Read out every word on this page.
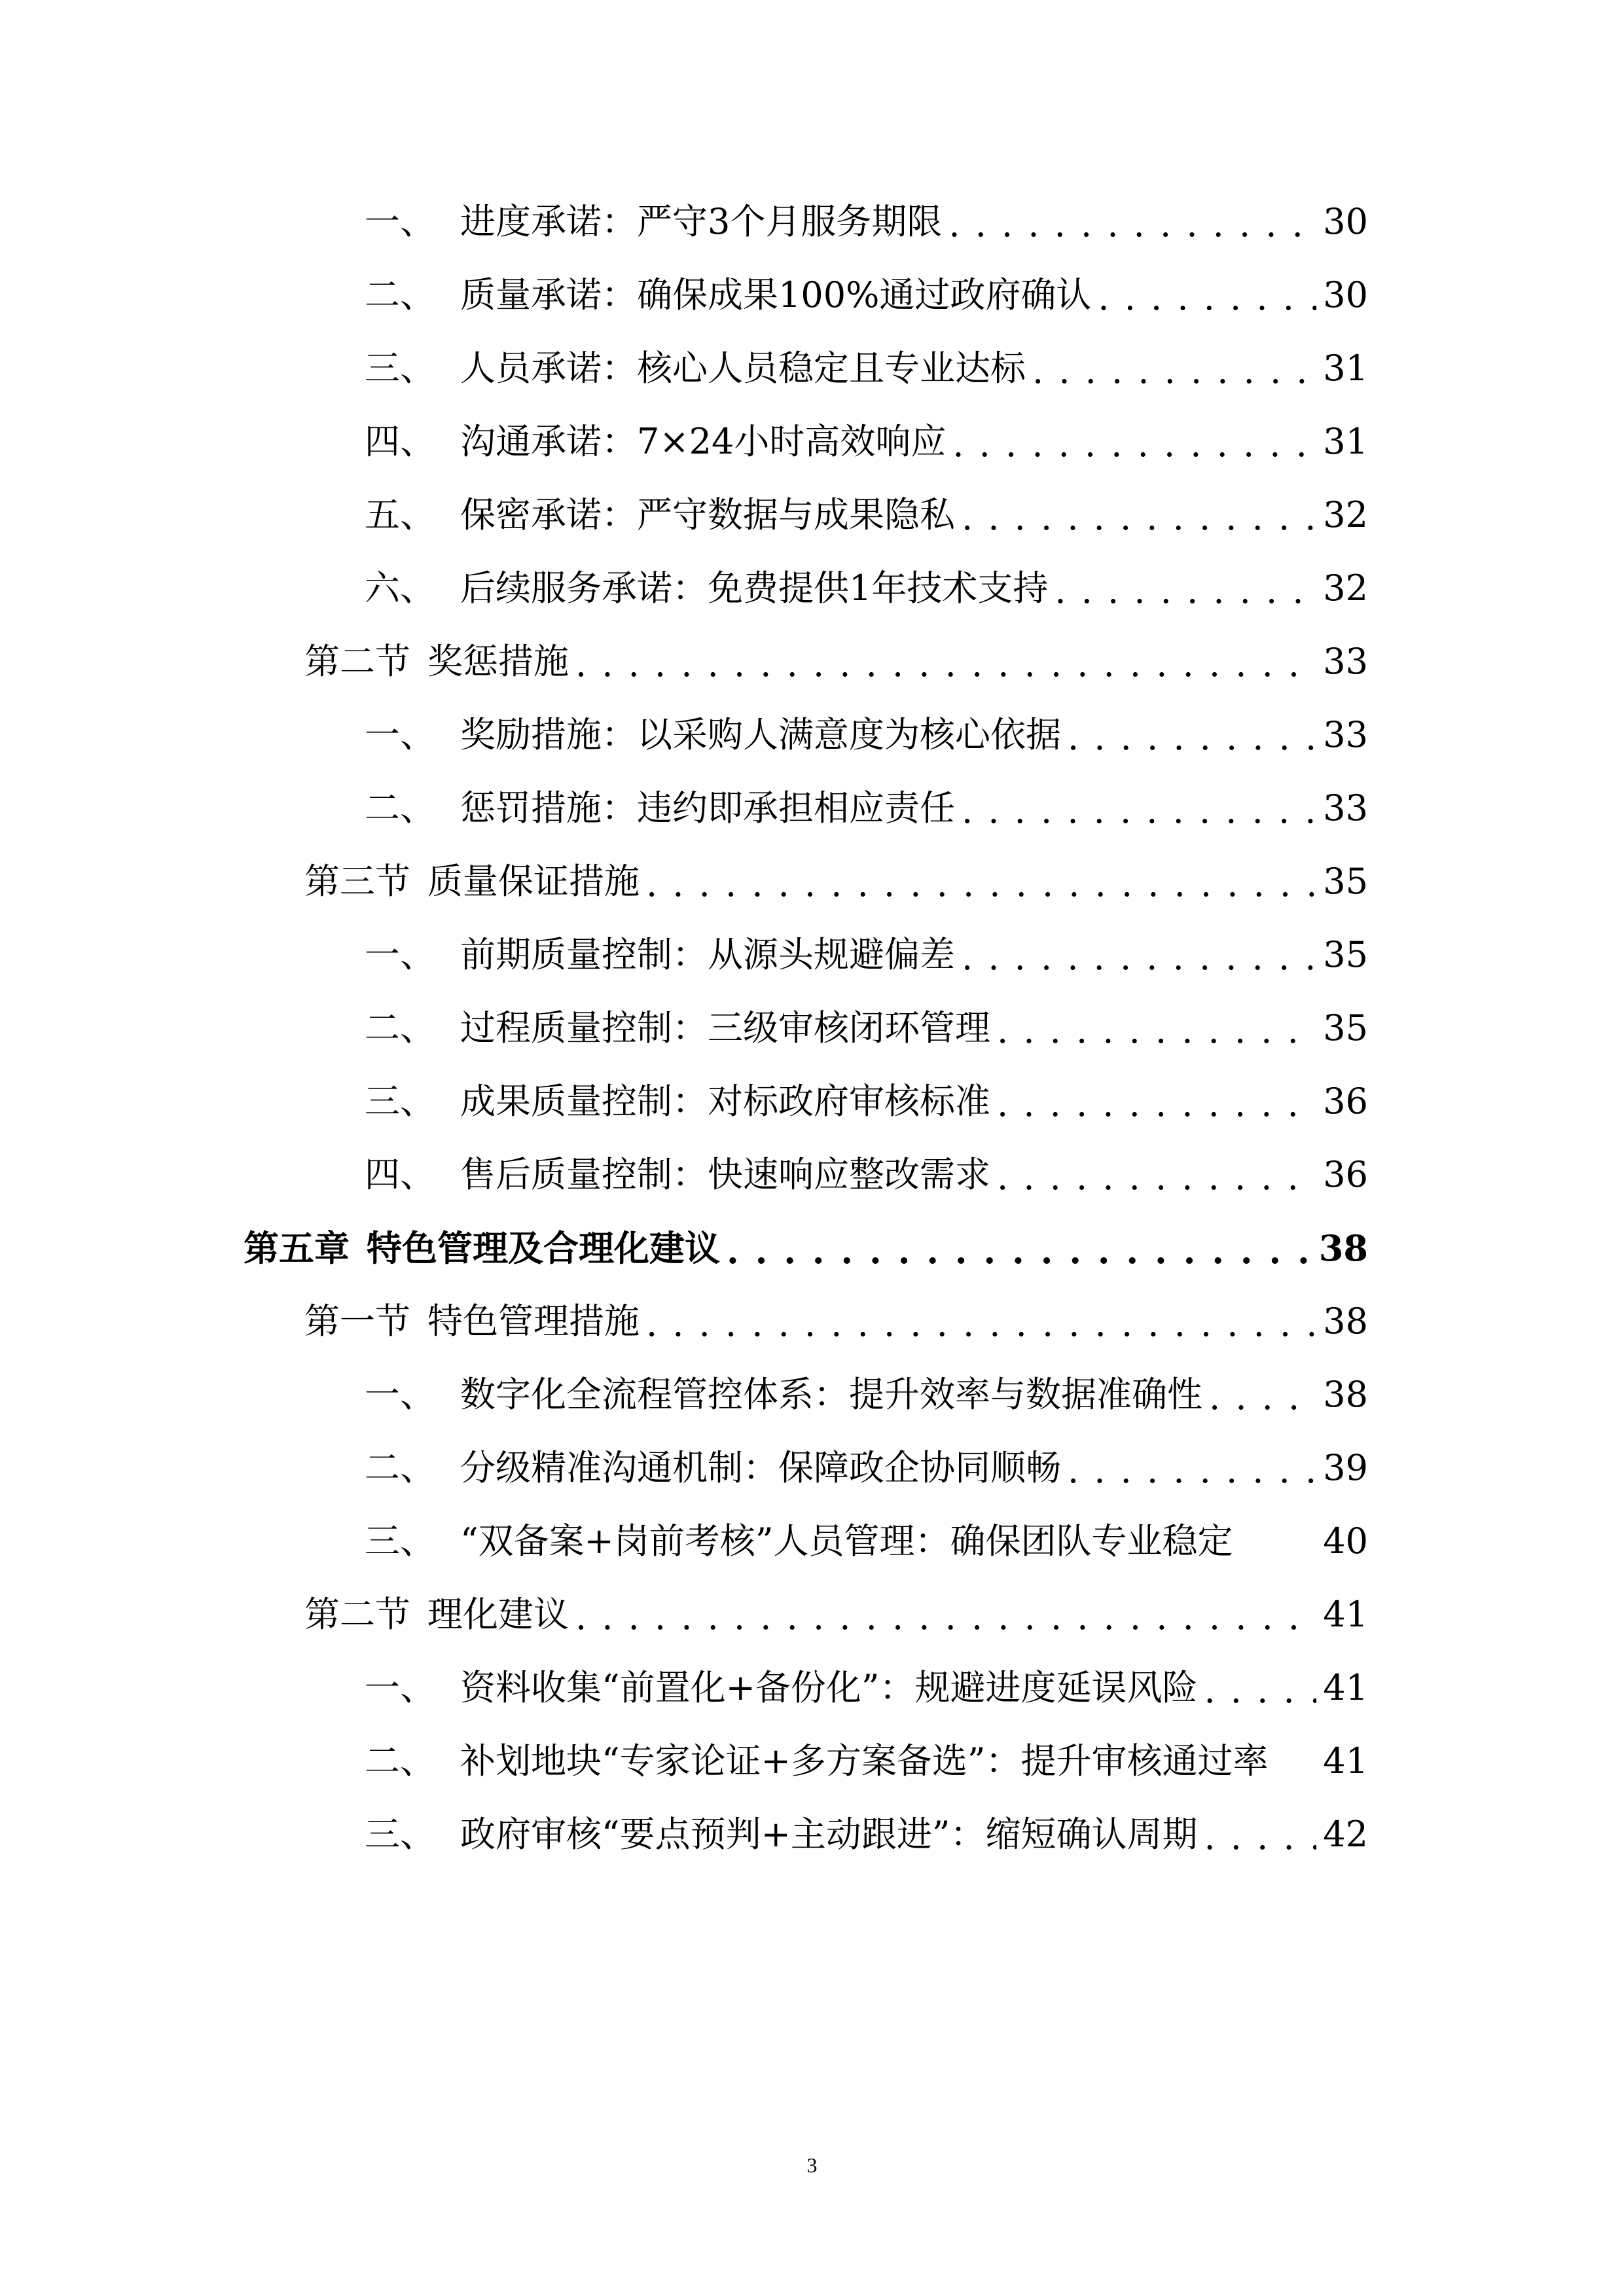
一、 进度承诺：严守3个月服务期限 . . .	30
二、 质量承诺：确保成果100%通过政府确认 . . .	30
三、 人员承诺：核心人员稳定且专业达标 . . .	31
四、 沟通承诺：7×24小时高效响应 . . .	31
五、 保密承诺：严守数据与成果隐私 . . .	32
六、 后续服务承诺：免费提供1年技术支持 . . .	32
第二节 奖惩措施 . . .	33
一、 奖励措施：以采购人满意度为核心依据 . . .	33
二、 惩罚措施：违约即承担相应责任 . . .	33
第三节 质量保证措施 . . .	35
一、 前期质量控制：从源头规避偏差 . . .	35
二、 过程质量控制：三级审核闭环管理 . . .	35
三、 成果质量控制：对标政府审核标准 . . .	36
四、 售后质量控制：快速响应整改需求 . . .	36
第五章 特色管理及合理化建议 . . .	38
第一节 特色管理措施 . . .	38
一、 数字化全流程管控体系：提升效率与数据准确性 . . .	38
二、 分级精准沟通机制：保障政企协同顺畅 . . .	39
三、 “双备案+岗前考核”人员管理：确保团队专业稳定	40
第二节 理化建议 . . .	41
一、 资料收集“前置化+备份化”：规避进度延误风险 . . .	41
二、 补划地块“专家论证+多方案备选”：提升审核通过率 41
三、 政府审核“要点预判+主动跟进”：缩短确认周期 . . .	42
3
